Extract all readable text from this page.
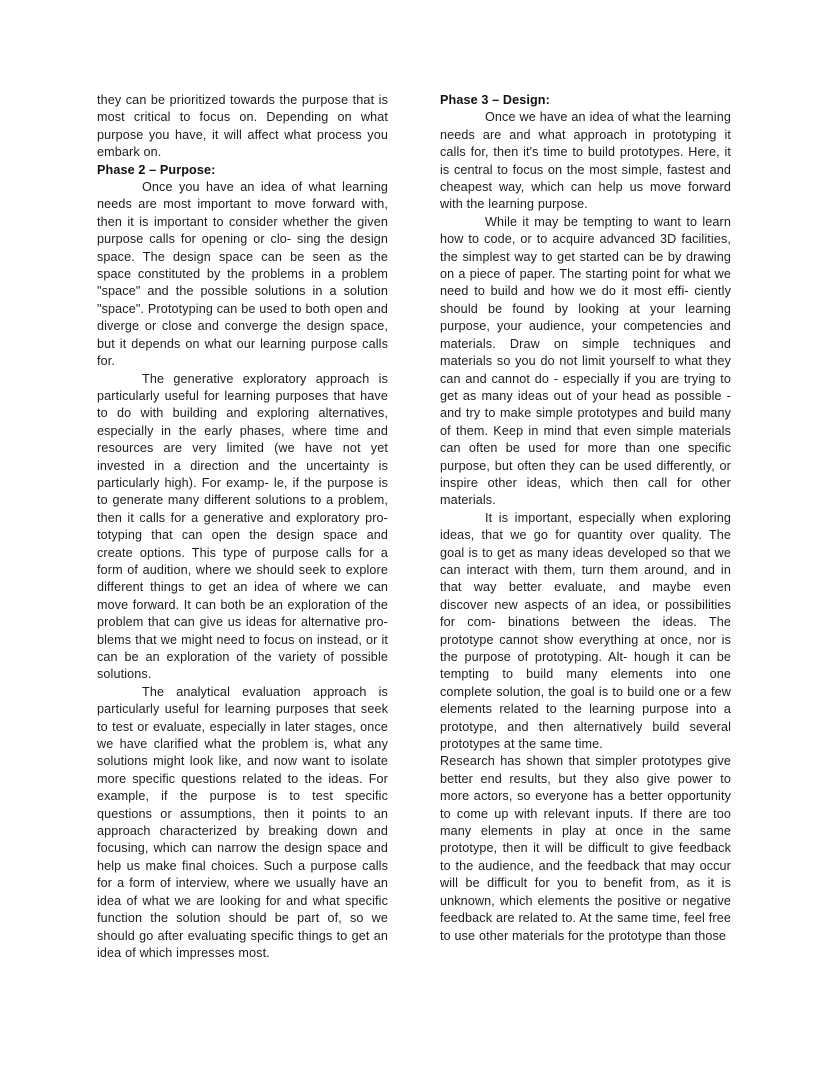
they can be prioritized towards the purpose that is most critical to focus on. Depending on what purpose you have, it will affect what process you embark on.

Phase 2 – Purpose:

Once you have an idea of what learning needs are most important to move forward with, then it is important to consider whether the given purpose calls for opening or clo- sing the design space. The design space can be seen as the space constituted by the problems in a problem "space" and the possible solutions in a solution "space". Prototyping can be used to both open and diverge or close and converge the design space, but it depends on what our learning purpose calls for.

The generative exploratory approach is particularly useful for learning purposes that have to do with building and exploring alternatives, especially in the early phases, where time and resources are very limited (we have not yet invested in a direction and the uncertainty is particularly high). For examp- le, if the purpose is to generate many different solutions to a problem, then it calls for a generative and exploratory pro- totyping that can open the design space and create options. This type of purpose calls for a form of audition, where we should seek to explore different things to get an idea of where we can move forward. It can both be an exploration of the problem that can give us ideas for alternative pro- blems that we might need to focus on instead, or it can be an exploration of the variety of possible solutions.

The analytical evaluation approach is particularly useful for learning purposes that seek to test or evaluate, especially in later stages, once we have clarified what the problem is, what any solutions might look like, and now want to isolate more specific questions related to the ideas. For example, if the purpose is to test specific questions or assumptions, then it points to an approach characterized by breaking down and focusing, which can narrow the design space and help us make final choices. Such a purpose calls for a form of interview, where we usually have an idea of what we are looking for and what specific function the solution should be part of, so we should go after evaluating specific things to get an idea of which impresses most.

Phase 3 – Design:

Once we have an idea of what the learning needs are and what approach in prototyping it calls for, then it's time to build prototypes. Here, it is central to focus on the most simple, fastest and cheapest way, which can help us move forward with the learning purpose.

While it may be tempting to want to learn how to code, or to acquire advanced 3D facilities, the simplest way to get started can be by drawing on a piece of paper. The starting point for what we need to build and how we do it most effi- ciently should be found by looking at your learning purpose, your audience, your competencies and materials. Draw on simple techniques and materials so you do not limit yourself to what they can and cannot do - especially if you are trying to get as many ideas out of your head as possible - and try to make simple prototypes and build many of them. Keep in mind that even simple materials can often be used for more than one specific purpose, but often they can be used differently, or inspire other ideas, which then call for other materials.

It is important, especially when exploring ideas, that we go for quantity over quality. The goal is to get as many ideas developed so that we can interact with them, turn them around, and in that way better evaluate, and maybe even discover new aspects of an idea, or possibilities for com- binations between the ideas. The prototype cannot show everything at once, nor is the purpose of prototyping. Alt- hough it can be tempting to build many elements into one complete solution, the goal is to build one or a few elements related to the learning purpose into a prototype, and then alternatively build several prototypes at the same time.

Research has shown that simpler prototypes give better end results, but they also give power to more actors, so everyone has a better opportunity to come up with relevant inputs. If there are too many elements in play at once in the same prototype, then it will be difficult to give feedback to the audience, and the feedback that may occur will be difficult for you to benefit from, as it is unknown, which elements the positive or negative feedback are related to. At the same time, feel free to use other materials for the prototype than those
